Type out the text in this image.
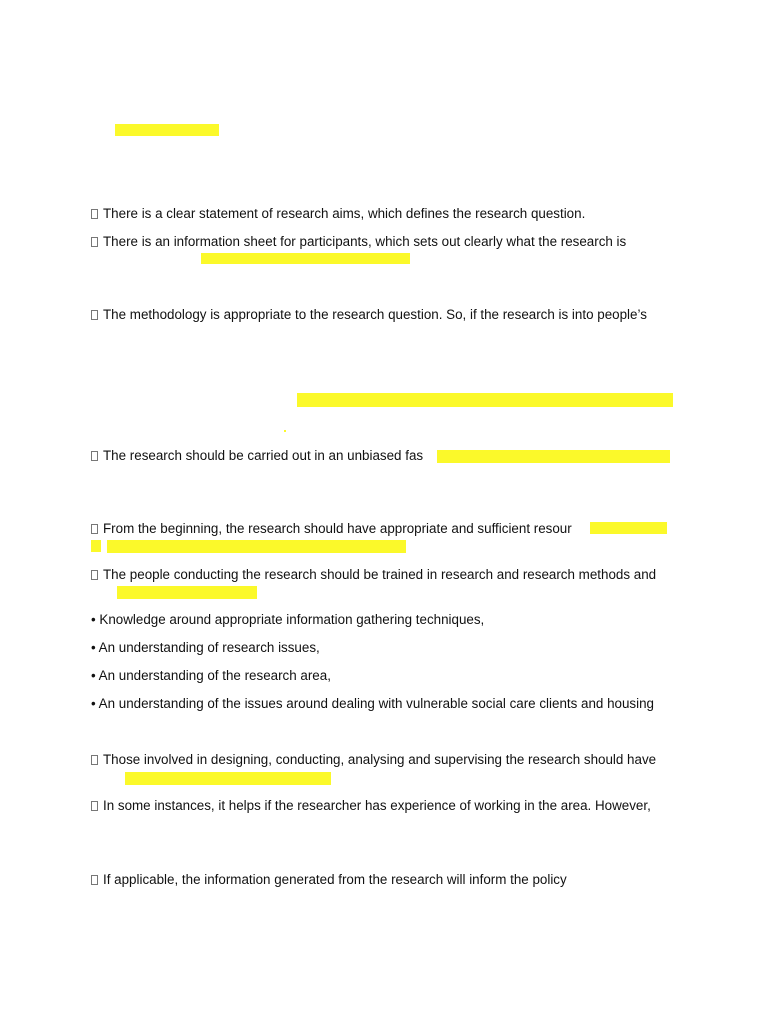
There is a clear statement of research aims, which defines the research question.
There is an information sheet for participants, which sets out clearly what the research is
The methodology is appropriate to the research question. So, if the research is into people’s
The research should be carried out in an unbiased fas
From the beginning, the research should have appropriate and sufficient resour
The people conducting the research should be trained in research and research methods and
• Knowledge around appropriate information gathering techniques,
• An understanding of research issues,
• An understanding of the research area,
• An understanding of the issues around dealing with vulnerable social care clients and housing
Those involved in designing, conducting, analysing and supervising the research should have
In some instances, it helps if the researcher has experience of working in the area. However,
If applicable, the information generated from the research will inform the policy
